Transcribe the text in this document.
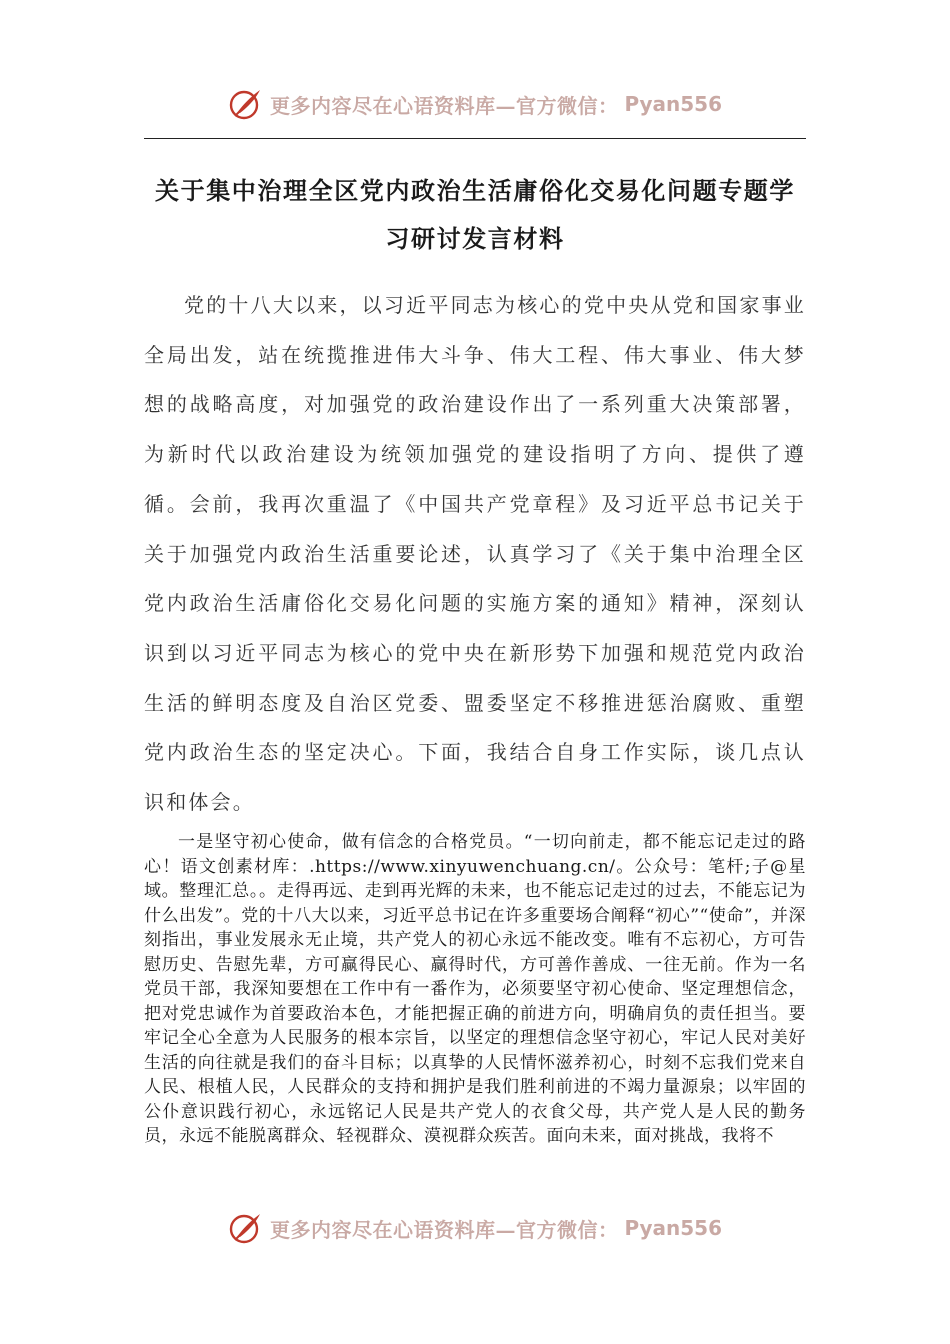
更多内容尽在心语资料库—官方微信： Pyan556
关于集中治理全区党内政治生活庸俗化交易化问题专题学习研讨发言材料

党的十八大以来，以习近平同志为核心的党中央从党和国家事业全局出发，站在统揽推进伟大斗争、伟大工程、伟大事业、伟大梦想的战略高度，对加强党的政治建设作出了一系列重大决策部署，为新时代以政治建设为统领加强党的建设指明了方向、提供了遵循。会前，我再次重温了《中国共产党章程》及习近平总书记关于关于加强党内政治生活重要论述，认真学习了《关于集中治理全区党内政治生活庸俗化交易化问题的实施方案的通知》精神，深刻认识到以习近平同志为核心的党中央在新形势下加强和规范党内政治生活的鲜明态度及自治区党委、盟委坚定不移推进惩治腐败、重塑党内政治生态的坚定决心。下面，我结合自身工作实际，谈几点认识和体会。

一是坚守初心使命，做有信念的合格党员。“一切向前走，都不能忘记走过的路心！语文创素材库：.https://www.xinyuwenchuang.cn/。公众号：笔杆;子@星域。整理汇总。。走得再远、走到再光辉的未来，也不能忘记走过的过去，不能忘记为什么出发”。党的十八大以来，习近平总书记在许多重要场合阐释“初心”“使命”，并深刻指出，事业发展永无止境，共产党人的初心永远不能改变。唯有不忘初心，方可告慰历史、告慰先辈，方可赢得民心、赢得时代，方可善作善成、一往无前。作为一名党员干部，我深知要想在工作中有一番作为，必须要坚守初心使命、坚定理想信念，把对党忠诚作为首要政治本色，才能把握正确的前进方向，明确肩负的责任担当。要牢记全心全意为人民服务的根本宗旨，以坚定的理想信念坚守初心，牢记人民对美好生活的向往就是我们的奋斗目标；以真挚的人民情怀滋养初心，时刻不忘我们党来自人民、根植人民，人民群众的支持和拥护是我们胜利前进的不竭力量源泉；以牢固的公仆意识践行初心，永远铭记人民是共产党人的衣食父母，共产党人是人民的勤务员，永远不能脱离群众、轻视群众、漠视群众疾苦。面向未来，面对挑战，我将不

更多内容尽在心语资料库—官方微信： Pyan556
